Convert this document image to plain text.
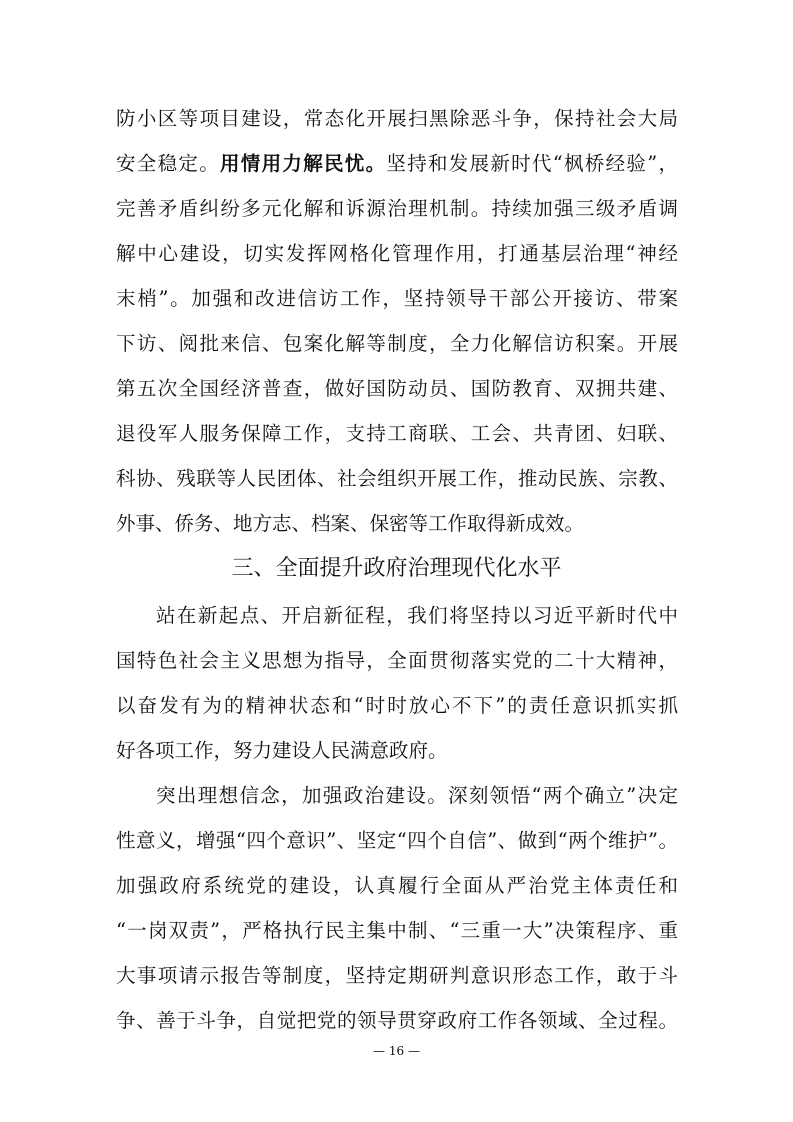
防小区等项目建设，常态化开展扫黑除恶斗争，保持社会大局
安全稳定。用情用力解民忧。坚持和发展新时代“枫桥经验”，
完善矛盾纠纷多元化解和诉源治理机制。持续加强三级矛盾调
解中心建设，切实发挥网格化管理作用，打通基层治理“神经
末梢”。加强和改进信访工作，坚持领导干部公开接访、带案
下访、阅批来信、包案化解等制度，全力化解信访积案。开展
第五次全国经济普查，做好国防动员、国防教育、双拥共建、
退役军人服务保障工作，支持工商联、工会、共青团、妇联、
科协、残联等人民团体、社会组织开展工作，推动民族、宗教、
外事、侨务、地方志、档案、保密等工作取得新成效。
三、全面提升政府治理现代化水平
站在新起点、开启新征程，我们将坚持以习近平新时代中
国特色社会主义思想为指导，全面贯彻落实党的二十大精神，
以奋发有为的精神状态和“时时放心不下”的责任意识抓实抓
好各项工作，努力建设人民满意政府。
突出理想信念，加强政治建设。深刻领悟“两个确立”决定
性意义，增强“四个意识”、坚定“四个自信”、做到“两个维护”。
加强政府系统党的建设，认真履行全面从严治党主体责任和
“一岗双责”，严格执行民主集中制、“三重一大”决策程序、重
大事项请示报告等制度，坚持定期研判意识形态工作，敢于斗
争、善于斗争，自觉把党的领导贯穿政府工作各领域、全过程。
— 16 —
